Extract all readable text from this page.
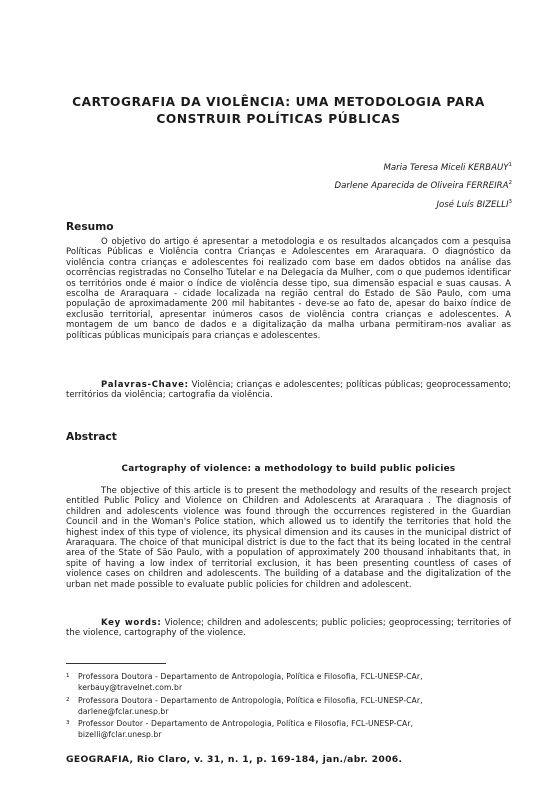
CARTOGRAFIA DA VIOLÊNCIA: UMA METODOLOGIA PARA
CONSTRUIR POLÍTICAS PÚBLICAS
Maria Teresa Miceli KERBAUY$^1$
Darlene Aparecida de Oliveira FERREIRA$^2$
José Luís BIZELLI$^3$
Resumo

O objetivo do artigo é apresentar a metodologia e os resultados alcançados com a pesquisa Políticas Públicas e Violência contra Crianças e Adolescentes em Araraquara. O diagnóstico da violência contra crianças e adolescentes foi realizado com base em dados obtidos na análise das ocorrências registradas no Conselho Tutelar e na Delegacia da Mulher, com o que pudemos identificar os territórios onde é maior o índice de violência desse tipo, sua dimensão espacial e suas causas. A escolha de Araraquara - cidade localizada na região central do Estado de São Paulo, com uma população de aproximadamente 200 mil habitantes - deve-se ao fato de, apesar do baixo índice de exclusão territorial, apresentar inúmeros casos de violência contra crianças e adolescentes. A montagem de um banco de dados e a digitalização da malha urbana permitiram-nos avaliar as políticas públicas municipais para crianças e adolescentes.

Palavras-Chave: Violência; crianças e adolescentes; políticas públicas; geoprocessamento; territórios da violência; cartografia da violência.

Abstract

Cartography of violence: a methodology to build public policies

The objective of this article is to present the methodology and results of the research project entitled Public Policy and Violence on Children and Adolescents at Araraquara . The diagnosis of children and adolescents violence was found through the occurrences registered in the Guardian Council and in the Woman's Police station, which allowed us to identify the territories that hold the highest index of this type of violence, its physical dimension and its causes in the municipal district of Araraquara. The choice of that municipal district is due to the fact that its being located in the central area of the State of São Paulo, with a population of approximately 200 thousand inhabitants that, in spite of having a low index of territorial exclusion, it has been presenting countless of cases of violence cases on children and adolescents. The building of a database and the digitalization of the urban net made possible to evaluate public policies for children and adolescent.

Key words: Violence; children and adolescents; public policies; geoprocessing; territories of the violence, cartography of the violence.

1 Professora Doutora - Departamento de Antropologia, Política e Filosofia, FCL-UNESP-CAr,
kerbauy@travelnet.com.br

2 Professora Doutora - Departamento de Antropologia, Política e Filosofia, FCL-UNESP-CAr,
darlene@fclar.unesp.br

3 Professor Doutor - Departamento de Antropologia, Política e Filosofia, FCL-UNESP-CAr,
bizelli@fclar.unesp.br

GEOGRAFIA, Rio Claro, v. 31, n. 1, p. 169-184, jan./abr. 2006.
